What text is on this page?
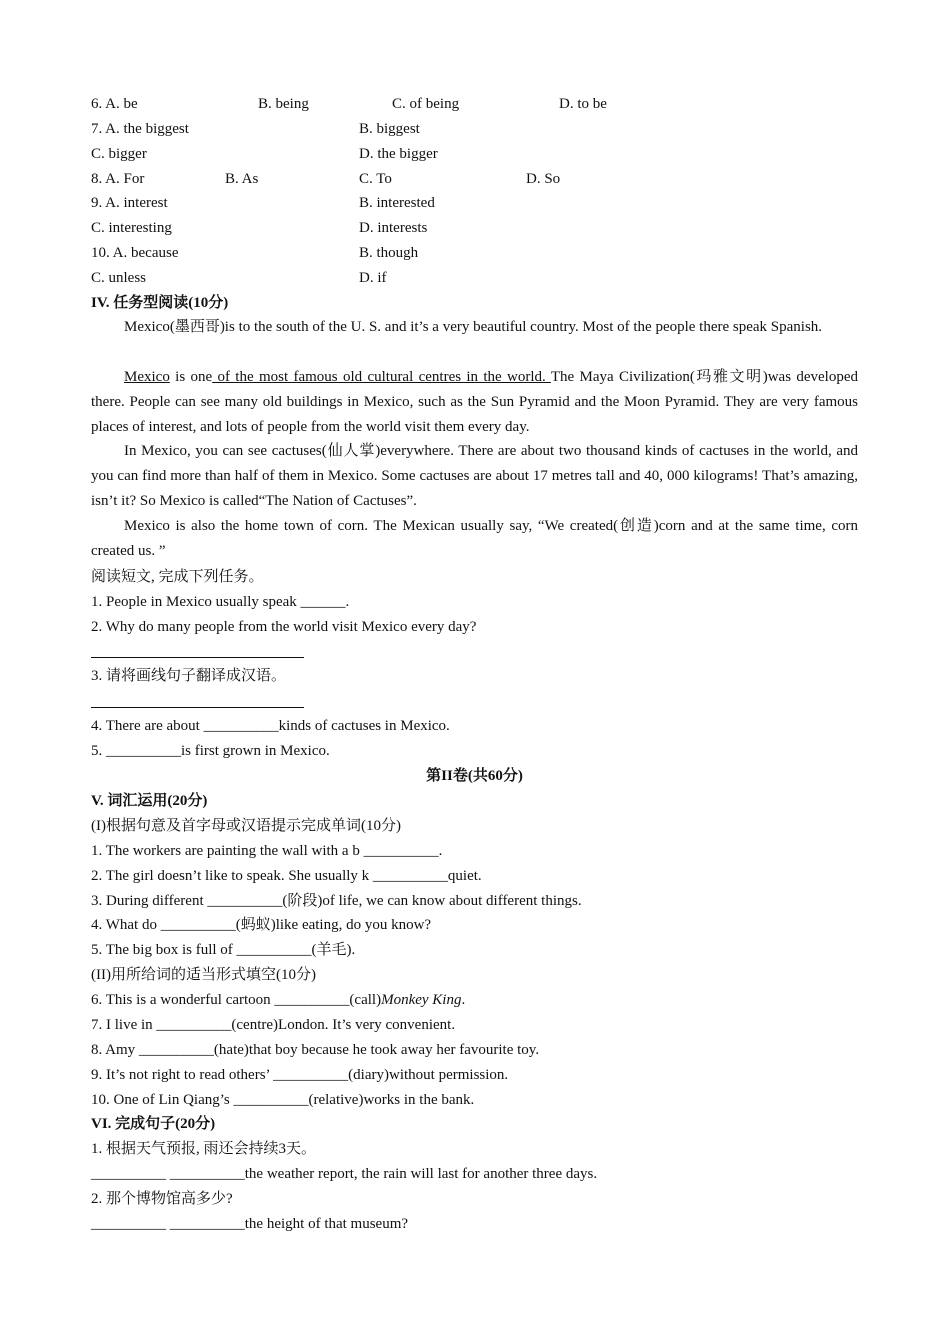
6. A. be	B. being	C. of being	D. to be
7. A. the biggest	B. biggest
C. bigger	D. the bigger
8. A. For	B. As	C. To	D. So
9. A. interest	B. interested
C. interesting	D. interests
10. A. because	B. though
C. unless	D. if
IV. 任务型阅读(10分)
Mexico(墨西哥)is to the south of the U. S. and it’s a very beautiful country. Most of the people there speak Spanish.
Mexico is one of the most famous old cultural centres in the world. The Maya Civilization(玛雅文明)was developed there. People can see many old buildings in Mexico, such as the Sun Pyramid and the Moon Pyramid. They are very famous places of interest, and lots of people from the world visit them every day.
In Mexico, you can see cactuses(仙人掌)everywhere. There are about two thousand kinds of cactuses in the world, and you can find more than half of them in Mexico. Some cactuses are about 17 metres tall and 40, 000 kilograms! That’s amazing, isn’t it? So Mexico is called“The Nation of Cactuses”.
Mexico is also the home town of corn. The Mexican usually say, “We created(创造)corn and at the same time, corn created us. ”
阅读短文, 完成下列任务。
1. People in Mexico usually speak ______.
2. Why do many people from the world visit Mexico every day?
3. 请将画线句子翻译成汉语。
4. There are about __________kinds of cactuses in Mexico.
5. __________is first grown in Mexico.
第II卷(共60分)
V. 词汇运用(20分)
(I)根据句意及首字母或汉语提示完成单词(10分)
1. The workers are painting the wall with a b __________.
2. The girl doesn’t like to speak. She usually k __________quiet.
3. During different __________(阶段)of life, we can know about different things.
4. What do __________(蚂蚁)like eating, do you know?
5. The big box is full of __________(羊毛).
(II)用所给词的适当形式填空(10分)
6. This is a wonderful cartoon __________(call)Monkey King.
7. I live in __________(centre)London. It’s very convenient.
8. Amy __________(hate)that boy because he took away her favourite toy.
9. It’s not right to read others’ __________(diary)without permission.
10. One of Lin Qiang’s __________(relative)works in the bank.
VI. 完成句子(20分)
1. 根据天气预报, 雨还会持续3天。
__________ __________the weather report, the rain will last for another three days.
2. 那个博物馆高多少?
__________ __________the height of that museum?
